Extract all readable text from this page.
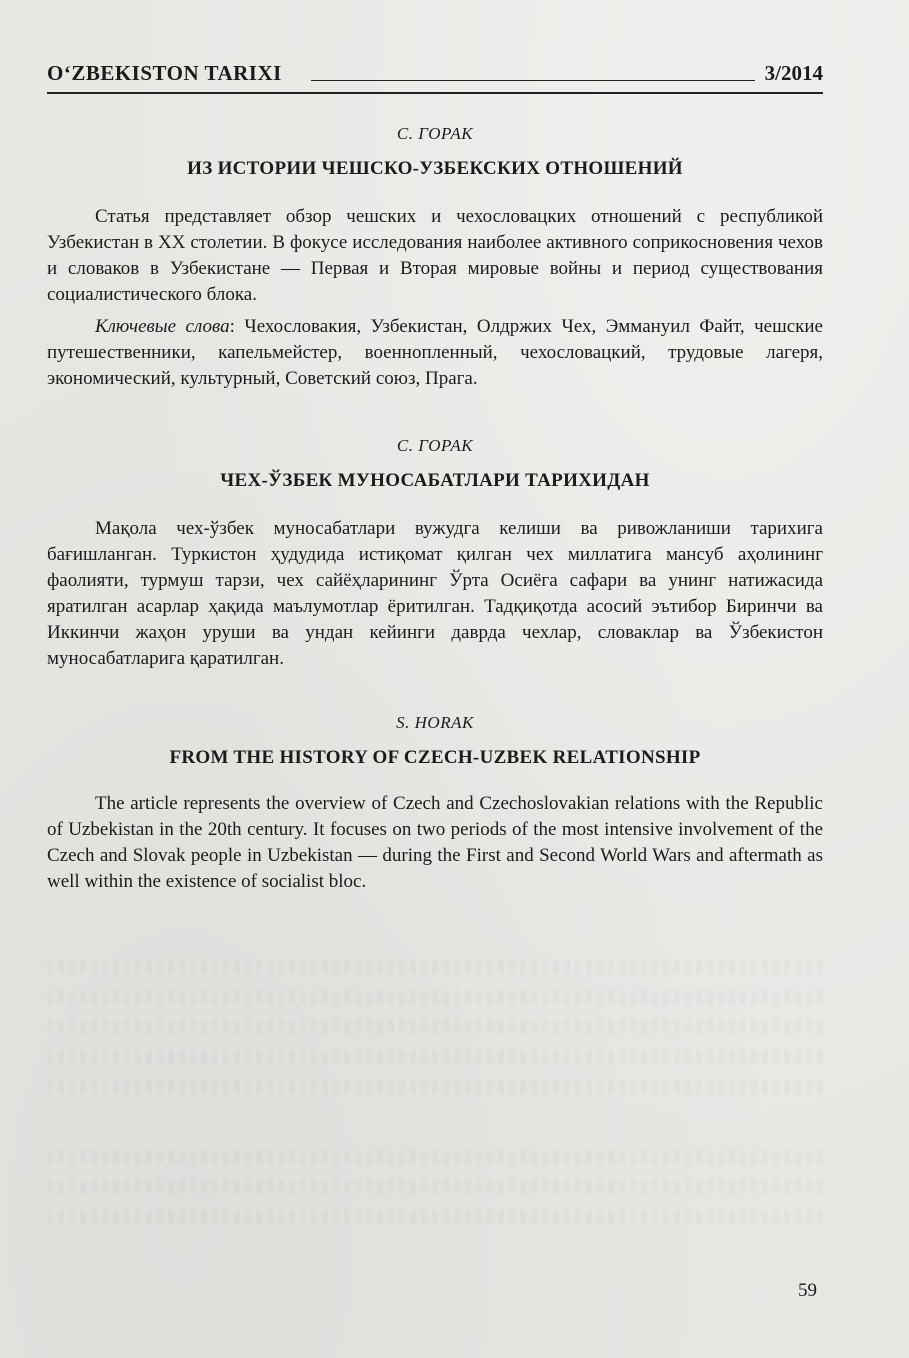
O‘ZBEKISTON TARIXI	3/2014

С. ГОРАК

ИЗ ИСТОРИИ ЧЕШСКО-УЗБЕКСКИХ ОТНОШЕНИЙ

Статья представляет обзор чешских и чехословацких отношений с республикой Узбекистан в XX столетии. В фокусе исследования наиболее активного соприкосновения чехов и словаков в Узбекистане — Первая и Вторая мировые войны и период существования социалистического блока.

Ключевые слова: Чехословакия, Узбекистан, Олдржих Чех, Эммануил Файт, чешские путешественники, капельмейстер, военнопленный, чехословацкий, трудовые лагеря, экономический, культурный, Советский союз, Прага.

С. ГОРАК

ЧЕХ-ЎЗБЕК МУНОСАБАТЛАРИ ТАРИХИДАН

Мақола чех-ўзбек муносабатлари вужудга келиши ва ривожланиши тарихига бағишланган. Туркистон ҳудудида истиқомат қилган чех миллатига мансуб аҳолининг фаолияти, турмуш тарзи, чех сайёҳларининг Ўрта Осиёга сафари ва унинг натижасида яратилган асарлар ҳақида маълумотлар ёритилган. Тадқиқотда асосий эътибор Биринчи ва Иккинчи жаҳон уруши ва ундан кейинги даврда чехлар, словаклар ва Ўзбекистон муносабатларига қаратилган.

S. HORAK

FROM THE HISTORY OF CZECH-UZBEK RELATIONSHIP

The article represents the overview of Czech and Czechoslovakian relations with the Republic of Uzbekistan in the 20th century. It focuses on two periods of the most intensive involvement of the Czech and Slovak people in Uzbekistan — during the First and Second World Wars and aftermath as well within the existence of socialist bloc.

59
